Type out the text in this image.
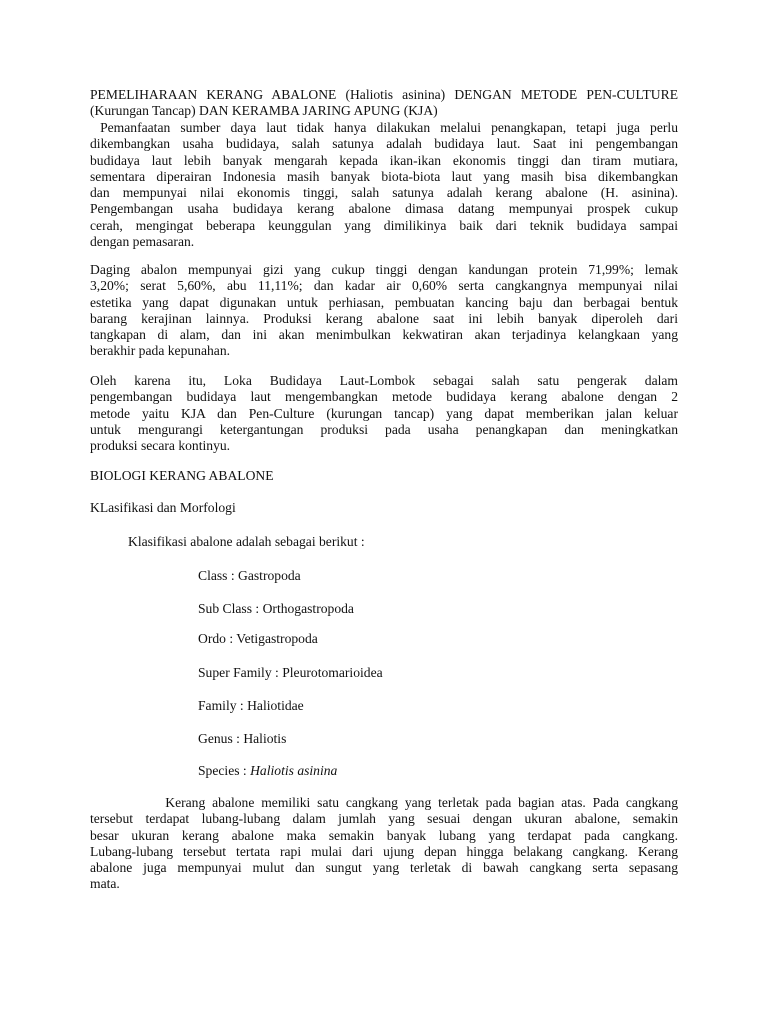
PEMELIHARAAN KERANG ABALONE (Haliotis asinina) DENGAN METODE PEN-CULTURE
(Kurungan Tancap) DAN KERAMBA JARING APUNG (KJA)
Pemanfaatan sumber daya laut tidak hanya dilakukan melalui penangkapan, tetapi juga perlu
dikembangkan usaha budidaya, salah satunya adalah budidaya laut. Saat ini pengembangan
budidaya laut lebih banyak mengarah kepada ikan-ikan ekonomis tinggi dan tiram mutiara,
sementara diperairan Indonesia masih banyak biota-biota laut yang masih bisa dikembangkan
dan mempunyai nilai ekonomis tinggi, salah satunya adalah kerang abalone (H. asinina).
Pengembangan usaha budidaya kerang abalone dimasa datang mempunyai prospek cukup
cerah, mengingat beberapa keunggulan yang dimilikinya baik dari teknik budidaya sampai
dengan pemasaran.
Daging abalon mempunyai gizi yang cukup tinggi dengan kandungan protein 71,99%; lemak
3,20%; serat 5,60%, abu 11,11%; dan kadar air 0,60% serta cangkangnya mempunyai nilai
estetika yang dapat digunakan untuk perhiasan, pembuatan kancing baju dan berbagai bentuk
barang kerajinan lainnya. Produksi kerang abalone saat ini lebih banyak diperoleh dari
tangkapan di alam, dan ini akan menimbulkan kekwatiran akan terjadinya kelangkaan yang
berakhir pada kepunahan.
Oleh karena itu, Loka Budidaya Laut-Lombok sebagai salah satu pengerak dalam
pengembangan budidaya laut mengembangkan metode budidaya kerang abalone dengan 2
metode yaitu KJA dan Pen-Culture (kurungan tancap) yang dapat memberikan jalan keluar
untuk mengurangi ketergantungan produksi pada usaha penangkapan dan meningkatkan
produksi secara kontinyu.
BIOLOGI KERANG ABALONE
KLasifikasi dan Morfologi
Klasifikasi abalone adalah sebagai berikut :
Class : Gastropoda
Sub Class : Orthogastropoda
Ordo : Vetigastropoda
Super Family : Pleurotomarioidea
Family : Haliotidae
Genus : Haliotis
Species : Haliotis asinina
Kerang abalone memiliki satu cangkang yang terletak pada bagian atas. Pada cangkang
tersebut terdapat lubang-lubang dalam jumlah yang sesuai dengan ukuran abalone, semakin
besar ukuran kerang abalone maka semakin banyak lubang yang terdapat pada cangkang.
Lubang-lubang tersebut tertata rapi mulai dari ujung depan hingga belakang cangkang. Kerang
abalone juga mempunyai mulut dan sungut yang terletak di bawah cangkang serta sepasang
mata.
